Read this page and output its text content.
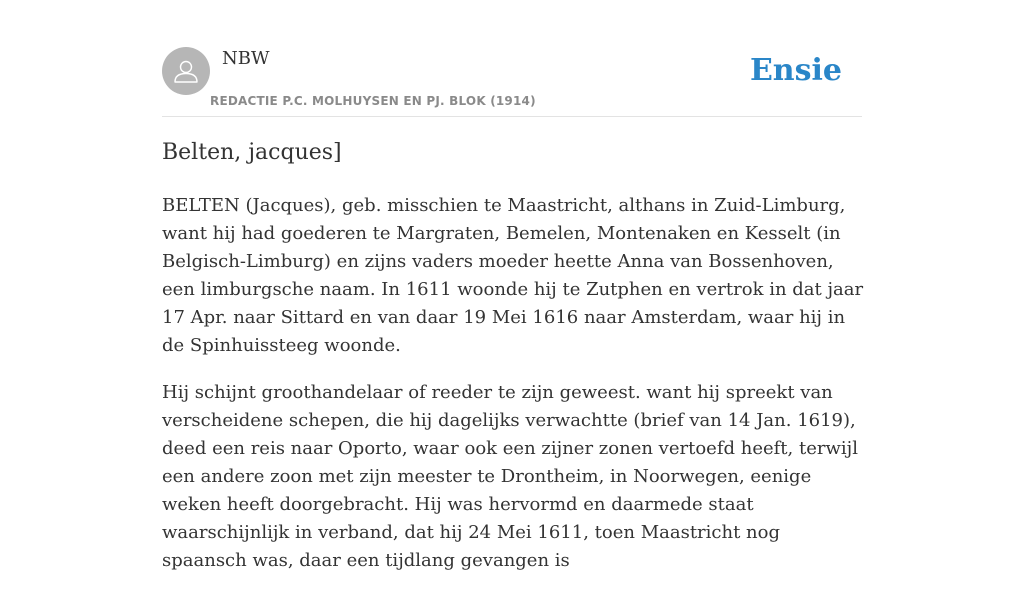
NBW
REDACTIE P.C. MOLHUYSEN EN PJ. BLOK (1914)
Ensie
Belten, jacques]

BELTEN (Jacques), geb. misschien te Maastricht, althans in Zuid-Limburg, want hij had goederen te Margraten, Bemelen, Montenaken en Kesselt (in Belgisch-Limburg) en zijns vaders moeder heette Anna van Bossenhoven, een limburgsche naam. In 1611 woonde hij te Zutphen en vertrok in dat jaar 17 Apr. naar Sittard en van daar 19 Mei 1616 naar Amsterdam, waar hij in de Spinhuissteeg woonde.

Hij schijnt groothandelaar of reeder te zijn geweest. want hij spreekt van verscheidene schepen, die hij dagelijks verwachtte (brief van 14 Jan. 1619), deed een reis naar Oporto, waar ook een zijner zonen vertoefd heeft, terwijl een andere zoon met zijn meester te Drontheim, in Noorwegen, eenige weken heeft doorgebracht. Hij was hervormd en daarmede staat waarschijnlijk in verband, dat hij 24 Mei 1611, toen Maastricht nog spaansch was, daar een tijdlang gevangen is
